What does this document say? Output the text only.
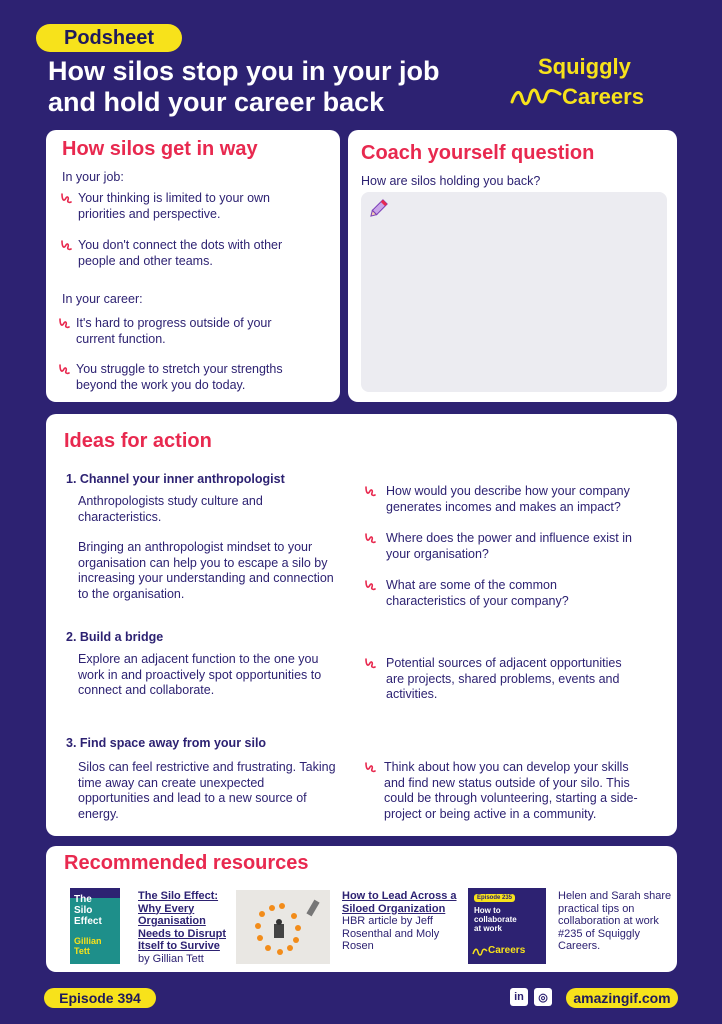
Podsheet
How silos stop you in your job
and hold your career back
Squiggly
Careers
How silos get in way
In your job:
Your thinking is limited to your own
priorities and perspective.
You don't connect the dots with other
people and other teams.
In your career:
It's hard to progress outside of your
current function.
You struggle to stretch your strengths
beyond the work you do today.
Coach yourself question
How are silos holding you back?
Ideas for action
1. Channel your inner anthropologist
Anthropologists study culture and
characteristics.
Bringing an anthropologist mindset to your
organisation can help you to escape a silo by
increasing your understanding and connection
to the organisation.
How would you describe how your company
generates incomes and makes an impact?
Where does the power and influence exist in
your organisation?
What are some of the common
characteristics of your company?
2. Build a bridge
Explore an adjacent function to the one you
work in and proactively spot opportunities to
connect and collaborate.
Potential sources of adjacent opportunities
are projects, shared problems, events and
activities.
3. Find space away from your silo
Silos can feel restrictive and frustrating. Taking
time away can create unexpected
opportunities and lead to a new source of
energy.
Think about how you can develop your skills
and find new status outside of your silo. This
could be through volunteering, starting a side-
project or being active in a community.
Recommended resources
The
Silo
Effect
Gillian
Tett
The Silo Effect:
Why Every
Organisation
Needs to Disrupt
Itself to Survive
by Gillian Tett
How to Lead Across a
Siloed Organization
HBR article by Jeff
Rosenthal and Moly
Rosen
Episode 235
How to
collaborate
at work
Careers
Helen and Sarah share
practical tips on
collaboration at work
#235 of Squiggly
Careers.
Episode 394	in	◎	amazingif.com
